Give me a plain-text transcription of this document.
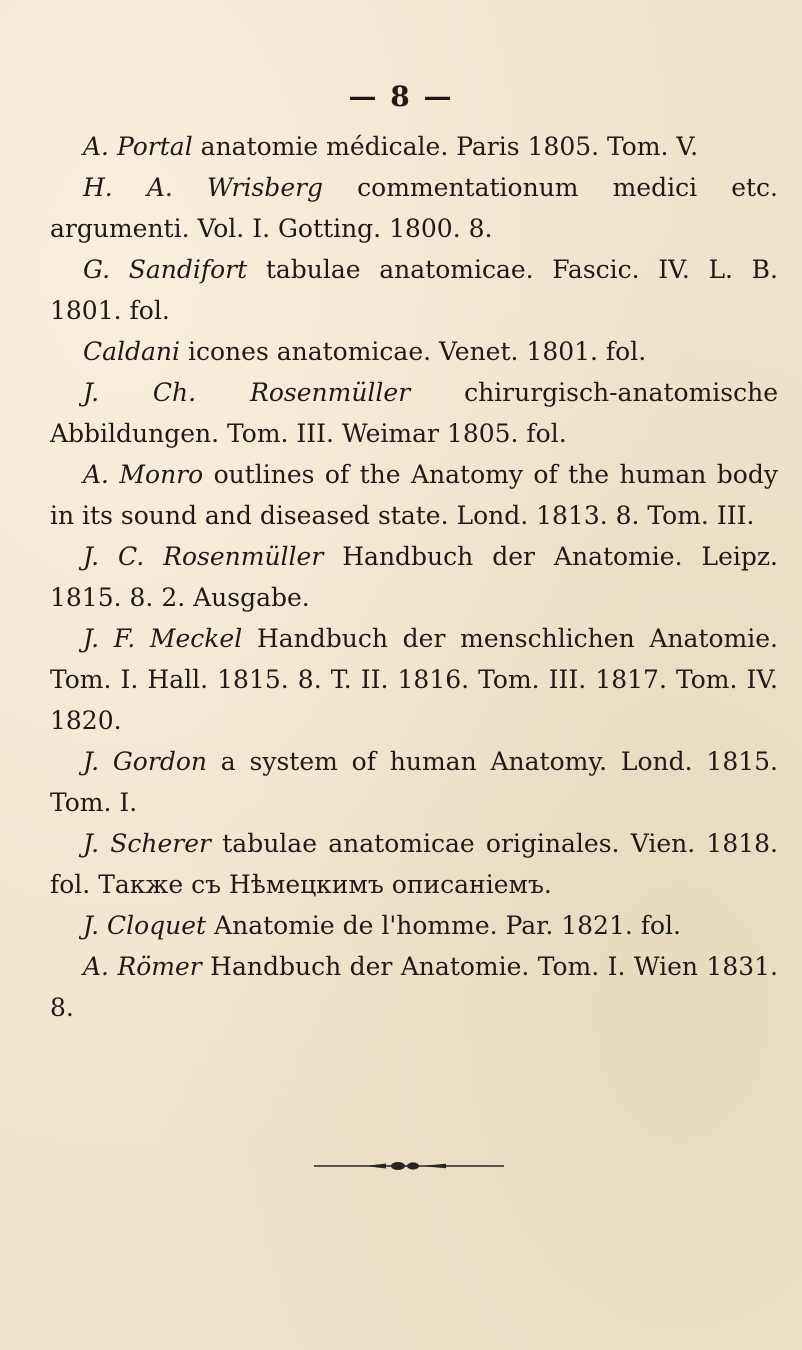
— 8 —

A. Portal anatomie médicale. Paris 1805. Tom. V.

H. A. Wrisberg commentationum medici etc. argumenti. Vol. I. Gotting. 1800. 8.

G. Sandifort tabulae anatomicae. Fascic. IV. L. B. 1801. fol.

Caldani icones anatomicae. Venet. 1801. fol.

J. Ch. Rosenmüller chirurgisch-anatomische Abbildungen. Tom. III. Weimar 1805. fol.

A. Monro outlines of the Anatomy of the human body in its sound and diseased state. Lond. 1813. 8. Tom. III.

J. C. Rosenmüller Handbuch der Anatomie. Leipz. 1815. 8. 2. Ausgabe.

J. F. Meckel Handbuch der menschlichen Anatomie. Tom. I. Hall. 1815. 8. T. II. 1816. Tom. III. 1817. Tom. IV. 1820.

J. Gordon a system of human Anatomy. Lond. 1815. Tom. I.

J. Scherer tabulae anatomicae originales. Vien. 1818. fol. Также съ Нѣмецкимъ описаніемъ.

J. Cloquet Anatomie de l'homme. Par. 1821. fol.

A. Römer Handbuch der Anatomie. Tom. I. Wien 1831. 8.
